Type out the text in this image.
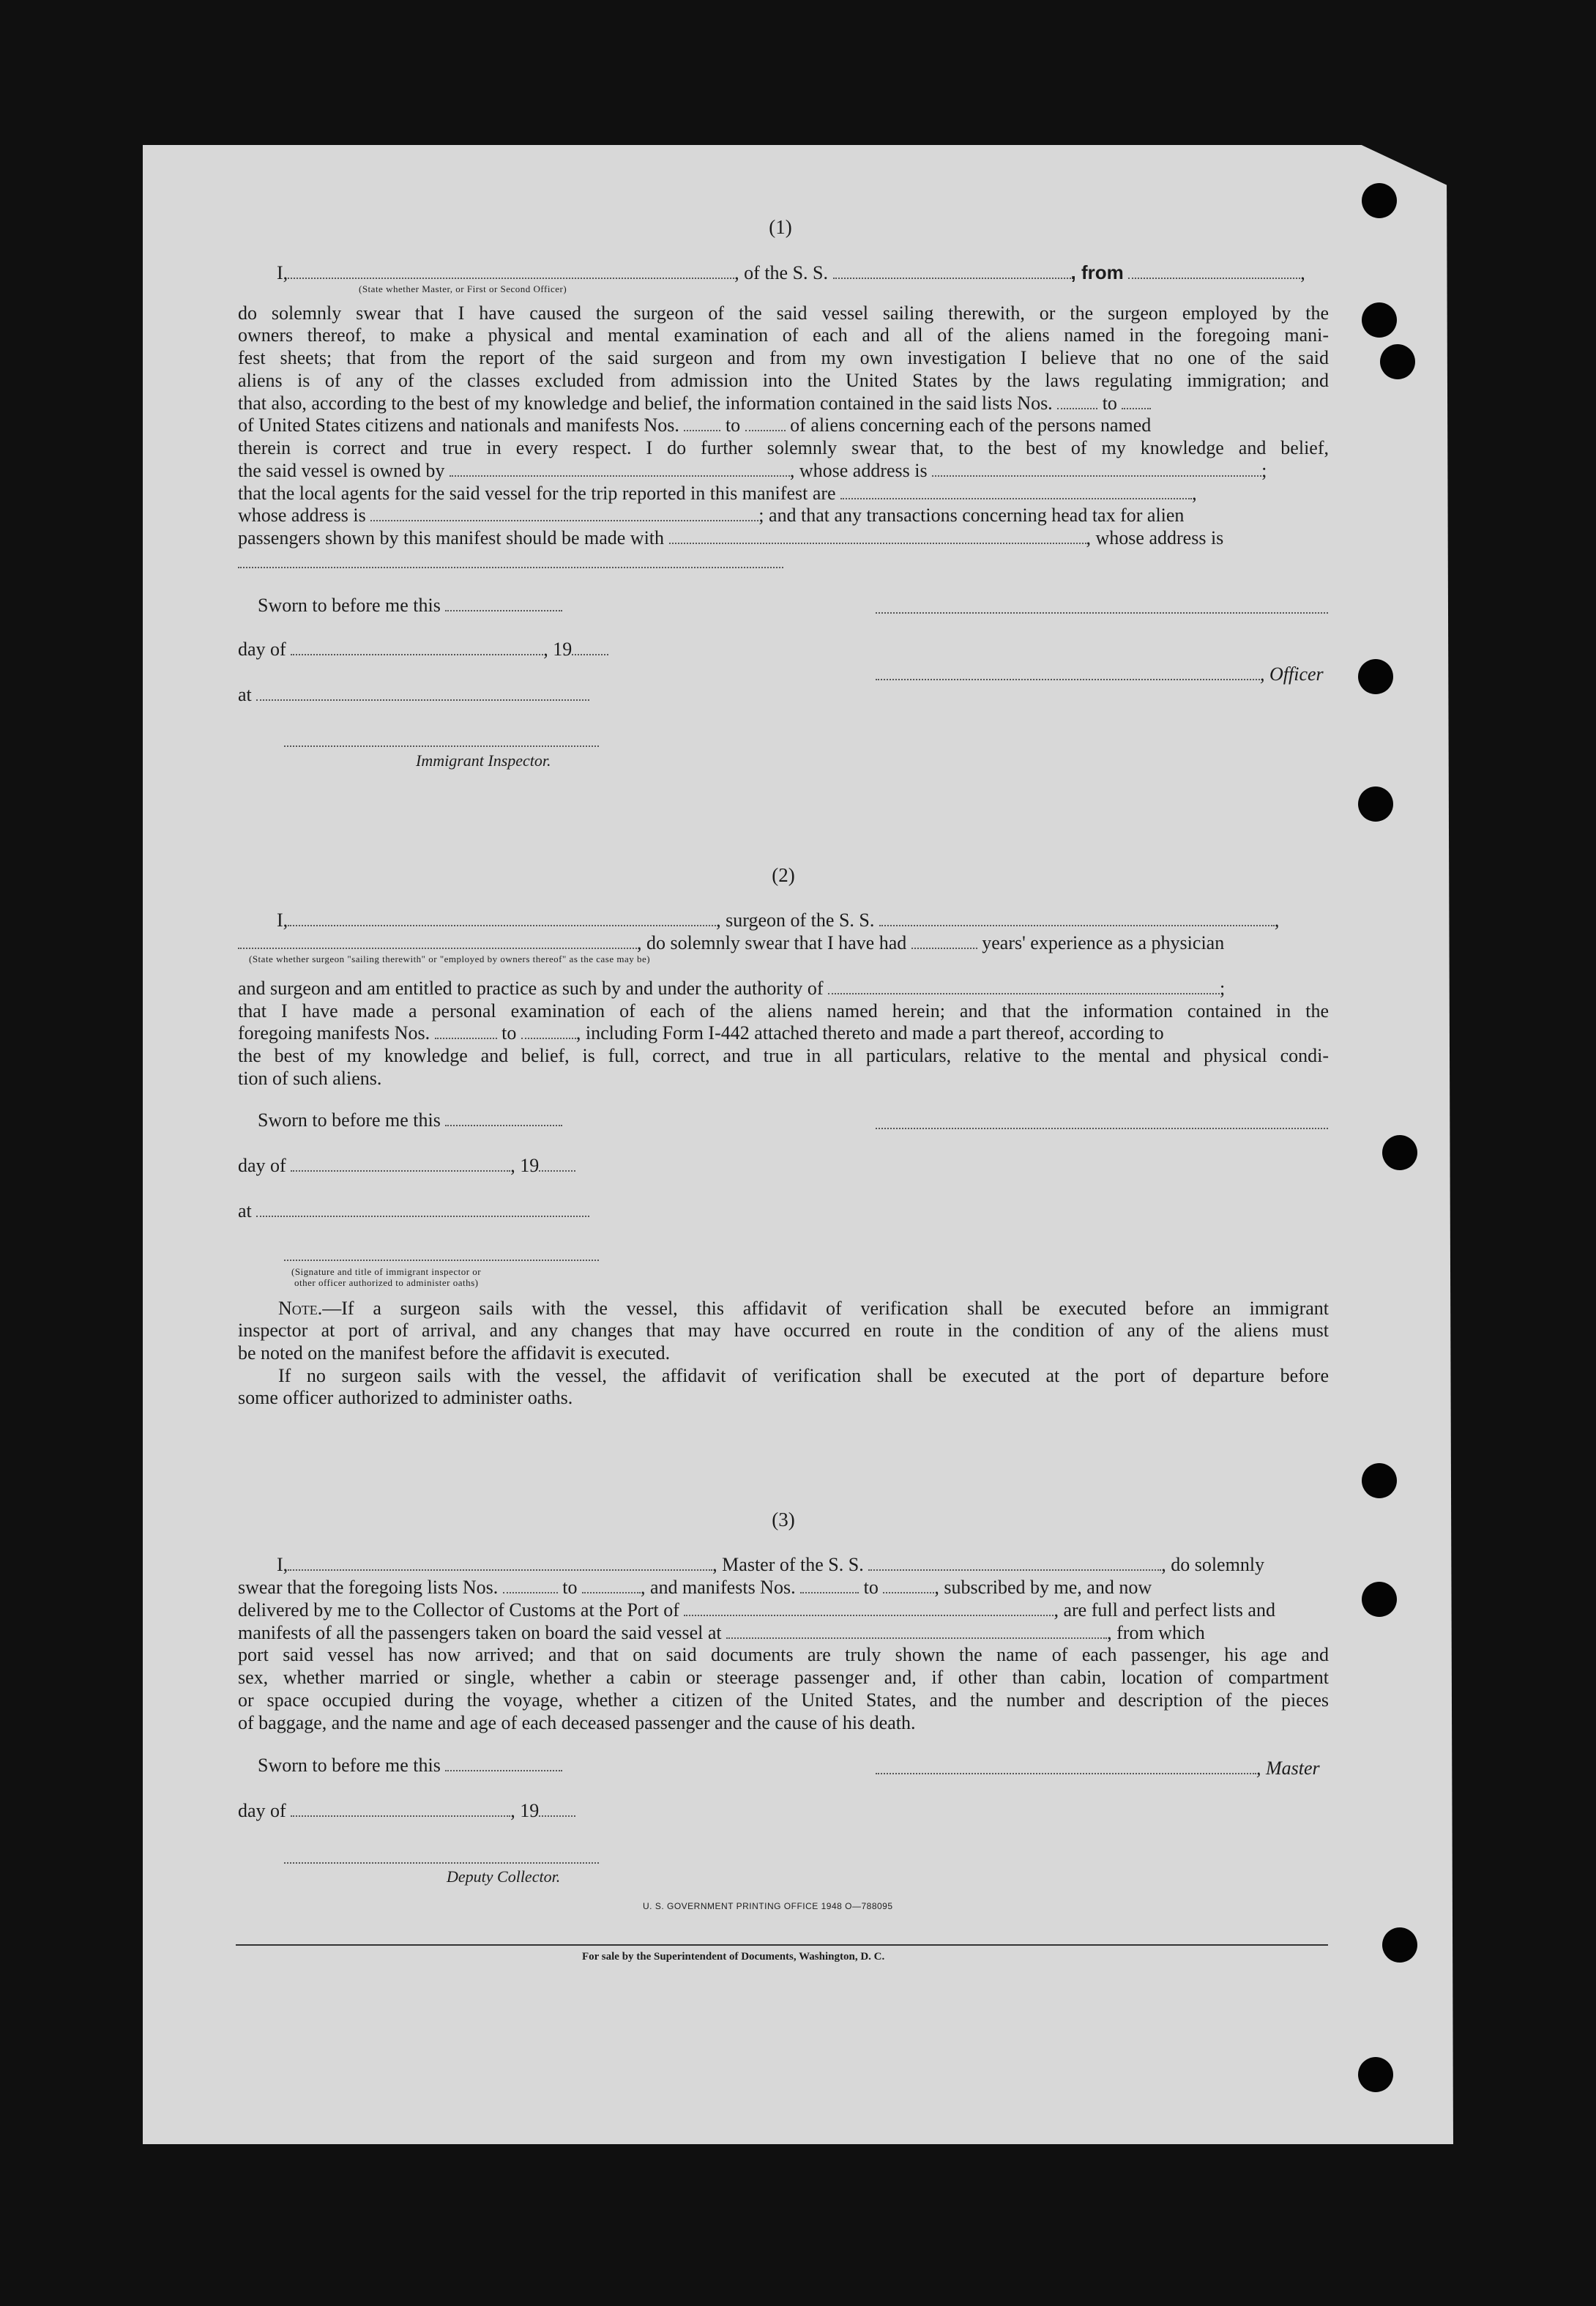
(1)
I,	, of the S. S.	, from	,
(State whether Master, or First or Second Officer)
do solemnly swear that I have caused the surgeon of the said vessel sailing therewith, or the surgeon employed by the
owners thereof, to make a physical and mental examination of each and all of the aliens named in the foregoing mani-
fest sheets; that from the report of the said surgeon and from my own investigation I believe that no one of the said
aliens is of any of the classes excluded from admission into the United States by the laws regulating immigration; and
that also, according to the best of my knowledge and belief, the information contained in the said lists Nos.	to
of United States citizens and nationals and manifests Nos. to	of aliens concerning each of the persons named
therein is correct and true in every respect. I do further solemnly swear that, to the best of my knowledge and belief,
the said vessel is owned by	, whose address is	;
that the local agents for the said vessel for the trip reported in this manifest are	,
whose address is	; and that any transactions concerning head tax for alien
passengers shown by this manifest should be made with	, whose address is
Sworn to before me this
day of	, 19
, Officer
at
Immigrant Inspector.
(2)
I,	, surgeon of the S. S.	,
, do solemnly swear that I have had	years' experience as a physician
(State whether surgeon "sailing therewith" or "employed by owners thereof" as the case may be)
and surgeon and am entitled to practice as such by and under the authority of	;
that I have made a personal examination of each of the aliens named herein; and that the information contained in the
foregoing manifests Nos.	to	, including Form I-442 attached thereto and made a part thereof, according to
the best of my knowledge and belief, is full, correct, and true in all particulars, relative to the mental and physical condi-
tion of such aliens.
Sworn to before me this
day of	, 19
at
(Signature and title of immigrant inspector or
other officer authorized to administer oaths)
Note.—If a surgeon sails with the vessel, this affidavit of verification shall be executed before an immigrant
inspector at port of arrival, and any changes that may have occurred en route in the condition of any of the aliens must
be noted on the manifest before the affidavit is executed.
If no surgeon sails with the vessel, the affidavit of verification shall be executed at the port of departure before
some officer authorized to administer oaths.
(3)
I,	, Master of the S. S.	, do solemnly
swear that the foregoing lists Nos.	to	, and manifests Nos.	to	, subscribed by me, and now
delivered by me to the Collector of Customs at the Port of	, are full and perfect lists and
manifests of all the passengers taken on board the said vessel at	, from which
port said vessel has now arrived; and that on said documents are truly shown the name of each passenger, his age and
sex, whether married or single, whether a cabin or steerage passenger and, if other than cabin, location of compartment
or space occupied during the voyage, whether a citizen of the United States, and the number and description of the pieces
of baggage, and the name and age of each deceased passenger and the cause of his death.
Sworn to before me this	, Master
day of	, 19
Deputy Collector.
U. S. GOVERNMENT PRINTING OFFICE 1948 O—788095
For sale by the Superintendent of Documents, Washington, D. C.
